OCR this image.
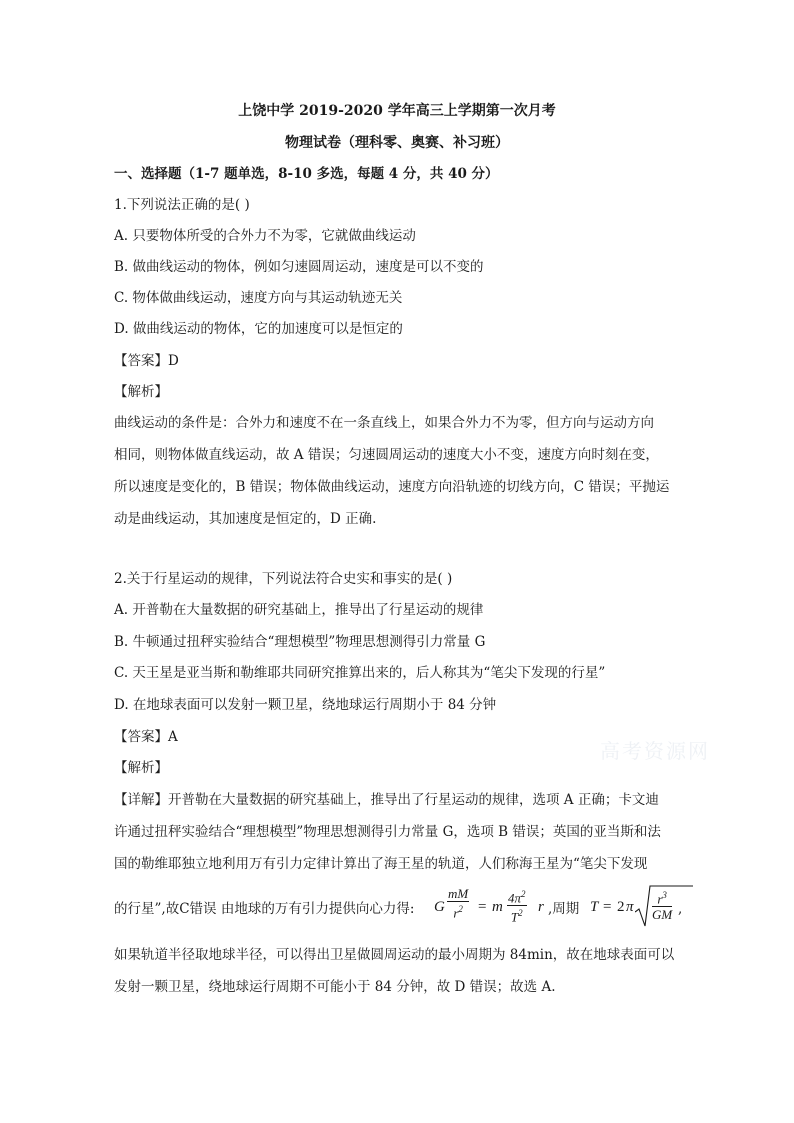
上饶中学 2019-2020 学年高三上学期第一次月考
物理试卷（理科零、奥赛、补习班）
一、选择题（1-7 题单选，8-10 多选，每题 4 分，共 40 分）
1.下列说法正确的是( )
A. 只要物体所受的合外力不为零，它就做曲线运动
B. 做曲线运动的物体，例如匀速圆周运动，速度是可以不变的
C. 物体做曲线运动，速度方向与其运动轨迹无关
D. 做曲线运动的物体，它的加速度可以是恒定的
【答案】D
【解析】
曲线运动的条件是：合外力和速度不在一条直线上，如果合外力不为零，但方向与运动方向
相同，则物体做直线运动，故 A 错误；匀速圆周运动的速度大小不变，速度方向时刻在变，
所以速度是变化的，B 错误；物体做曲线运动，速度方向沿轨迹的切线方向，C 错误；平抛运
动是曲线运动，其加速度是恒定的，D 正确.
2.关于行星运动的规律，下列说法符合史实和事实的是( )
A. 开普勒在大量数据的研究基础上，推导出了行星运动的规律
B. 牛顿通过扭秤实验结合“理想模型”物理思想测得引力常量 G
C. 天王星是亚当斯和勒维耶共同研究推算出来的，后人称其为“笔尖下发现的行星”
D. 在地球表面可以发射一颗卫星，绕地球运行周期小于 84 分钟
【答案】A
【解析】
【详解】开普勒在大量数据的研究基础上，推导出了行星运动的规律，选项 A 正确；卡文迪
许通过扭秤实验结合“理想模型”物理思想测得引力常量 G，选项 B 错误；英国的亚当斯和法
国的勒维耶独立地利用万有引力定律计算出了海王星的轨道，人们称海王星为“笔尖下发现
的行星”,故C错误 由地球的万有引力提供向心力得: G $\frac{mM}{r^2} = m \frac{4\pi^2}{T^2}$ r ,周期 T = 2 π $\frac{r^3}{GM}$ ,
如果轨道半径取地球半径，可以得出卫星做圆周运动的最小周期为 84min，故在地球表面可以
发射一颗卫星，绕地球运行周期不可能小于 84 分钟，故 D 错误；故选 A.
高考资源网
